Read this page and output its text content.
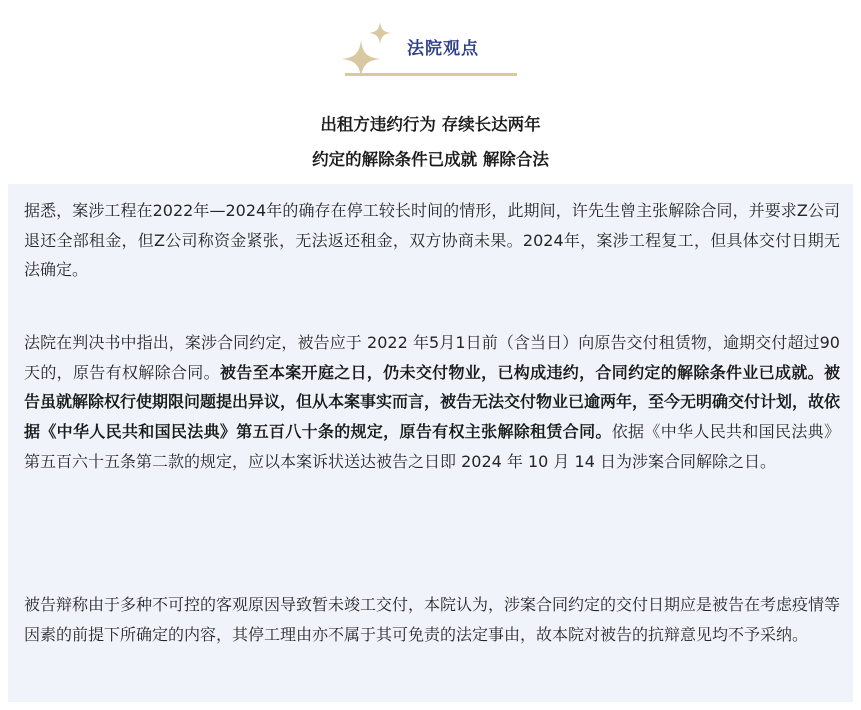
法院观点
出租方违约行为 存续长达两年
约定的解除条件已成就 解除合法

据悉，案涉工程在2022年—2024年的确存在停工较长时间的情形，此期间，许先生曾主张解除合同，并要求Z公司退还全部租金，但Z公司称资金紧张，无法返还租金，双方协商未果。2024年，案涉工程复工，但具体交付日期无法确定。

法院在判决书中指出，案涉合同约定，被告应于 2022 年5月1日前（含当日）向原告交付租赁物，逾期交付超过90天的，原告有权解除合同。被告至本案开庭之日，仍未交付物业，已构成违约，合同约定的解除条件业已成就。被告虽就解除权行使期限问题提出异议，但从本案事实而言，被告无法交付物业已逾两年，至今无明确交付计划，故依据《中华人民共和国民法典》第五百八十条的规定，原告有权主张解除租赁合同。依据《中华人民共和国民法典》第五百六十五条第二款的规定，应以本案诉状送达被告之日即 2024 年 10 月 14 日为涉案合同解除之日。

被告辩称由于多种不可控的客观原因导致暂未竣工交付，本院认为，涉案合同约定的交付日期应是被告在考虑疫情等因素的前提下所确定的内容，其停工理由亦不属于其可免责的法定事由，故本院对被告的抗辩意见均不予采纳。
